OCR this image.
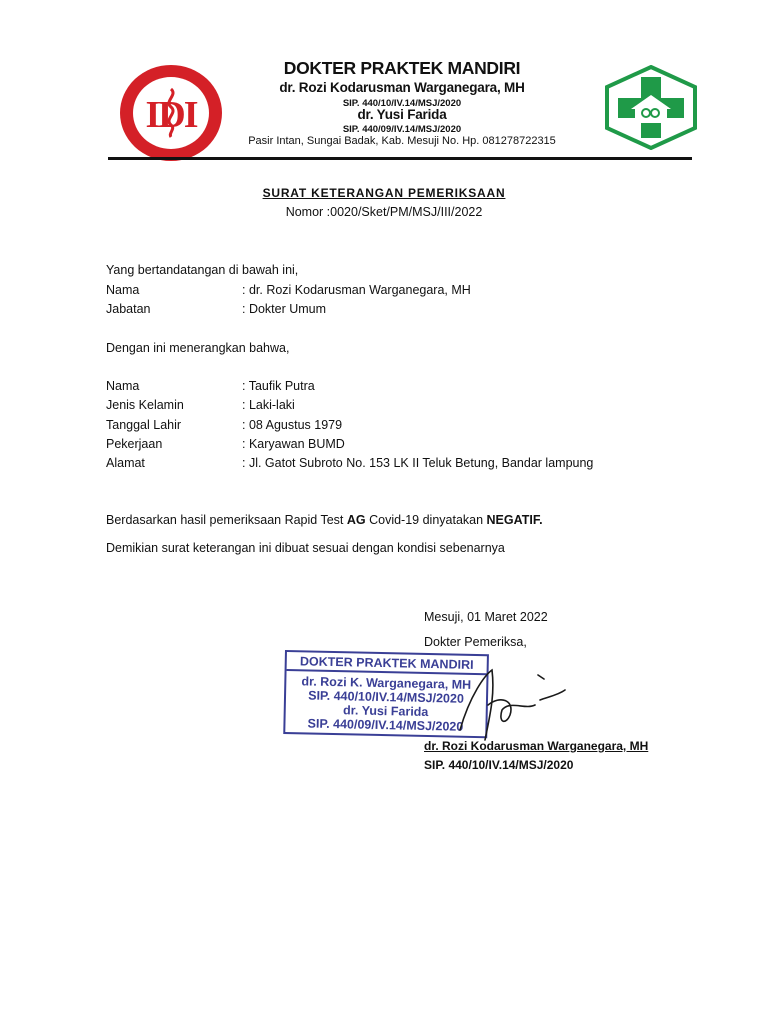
IDI
DOKTER PRAKTEK MANDIRI
dr. Rozi Kodarusman Warganegara, MH
SIP. 440/10/IV.14/MSJ/2020
dr. Yusi Farida
SIP. 440/09/IV.14/MSJ/2020
Pasir Intan, Sungai Badak, Kab. Mesuji No. Hp. 081278722315
SURAT KETERANGAN PEMERIKSAAN
Nomor :0020/Sket/PM/MSJ/III/2022
Yang bertandatangan di bawah ini,
Nama	: dr. Rozi Kodarusman Warganegara, MH
Jabatan	: Dokter Umum
Dengan ini menerangkan bahwa,
Nama	: Taufik Putra
Jenis Kelamin	: Laki-laki
Tanggal Lahir	: 08 Agustus 1979
Pekerjaan	: Karyawan BUMD
Alamat	: Jl. Gatot Subroto No. 153 LK II Teluk Betung, Bandar lampung
Berdasarkan hasil pemeriksaan Rapid Test AG Covid-19 dinyatakan NEGATIF.
Demikian surat keterangan ini dibuat sesuai dengan kondisi sebenarnya
Mesuji, 01 Maret 2022
Dokter Pemeriksa,
DOKTER PRAKTEK MANDIRI
dr. Rozi K. Warganegara, MH
SIP. 440/10/IV.14/MSJ/2020
dr. Yusi Farida
SIP. 440/09/IV.14/MSJ/2020
dr. Rozi Kodarusman Warganegara, MH
SIP. 440/10/IV.14/MSJ/2020
